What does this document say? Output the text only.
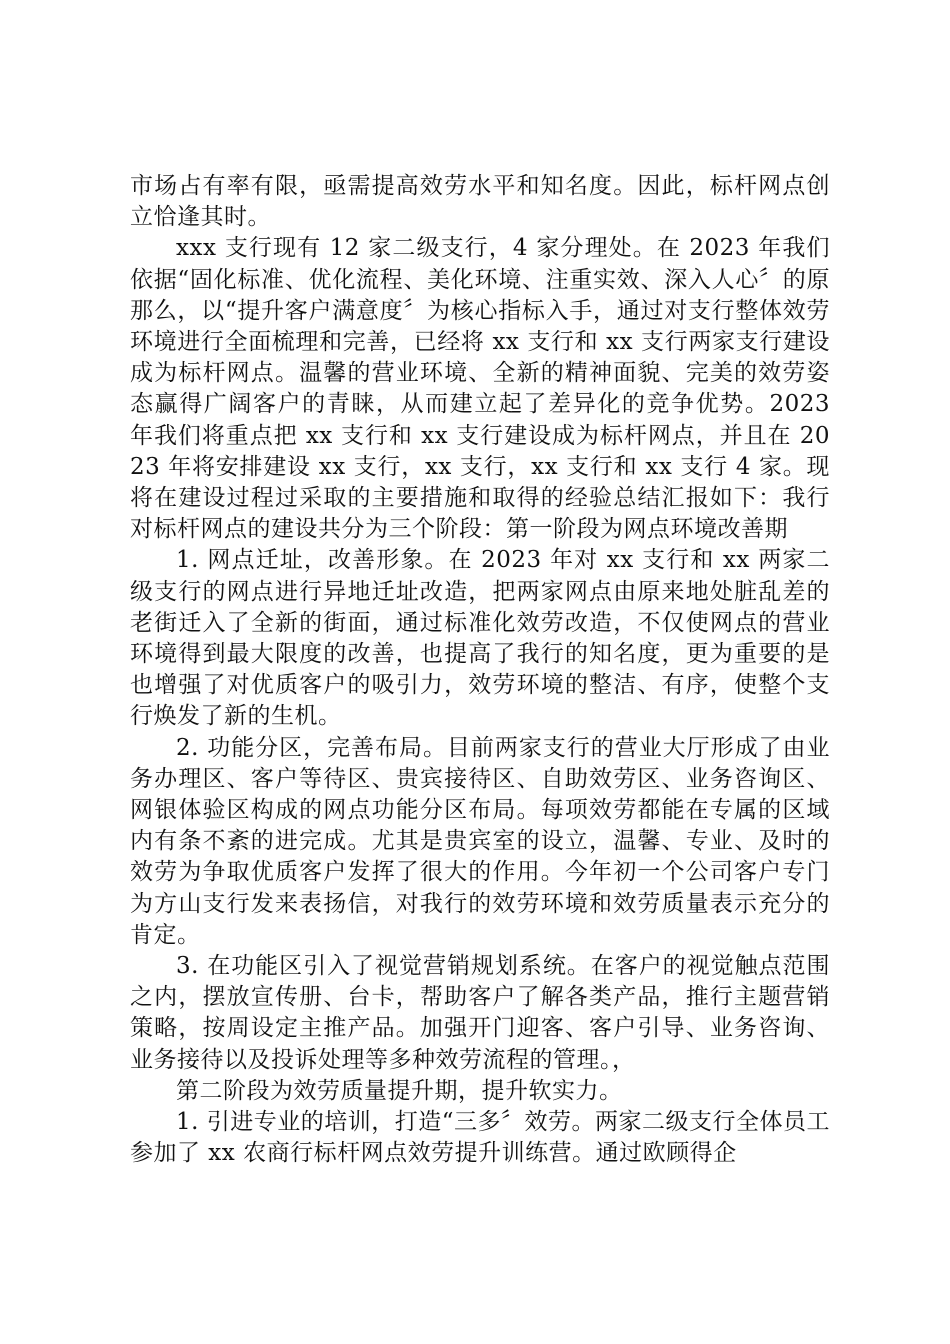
市场占有率有限，亟需提高效劳水平和知名度。因此，标杆网点创立恰逢其时。

xxx 支行现有 12 家二级支行，4 家分理处。在 2023 年我们依据“固化标准、优化流程、美化环境、注重实效、深入人心〞的原那么，以“提升客户满意度〞为核心指标入手，通过对支行整体效劳环境进行全面梳理和完善，已经将 xx 支行和 xx 支行两家支行建设成为标杆网点。温馨的营业环境、全新的精神面貌、完美的效劳姿态赢得广阔客户的青睐，从而建立起了差异化的竞争优势。2023 年我们将重点把 xx 支行和 xx 支行建设成为标杆网点，并且在 2023 年将安排建设 xx 支行，xx 支行，xx 支行和 xx 支行 4 家。现将在建设过程过采取的主要措施和取得的经验总结汇报如下：我行对标杆网点的建设共分为三个阶段：第一阶段为网点环境改善期

1. 网点迁址，改善形象。在 2023 年对 xx 支行和 xx 两家二级支行的网点进行异地迁址改造，把两家网点由原来地处脏乱差的老街迁入了全新的街面，通过标准化效劳改造，不仅使网点的营业环境得到最大限度的改善，也提高了我行的知名度，更为重要的是也增强了对优质客户的吸引力，效劳环境的整洁、有序，使整个支行焕发了新的生机。

2. 功能分区，完善布局。目前两家支行的营业大厅形成了由业务办理区、客户等待区、贵宾接待区、自助效劳区、业务咨询区、网银体验区构成的网点功能分区布局。每项效劳都能在专属的区域内有条不紊的进完成。尤其是贵宾室的设立，温馨、专业、及时的效劳为争取优质客户发挥了很大的作用。今年初一个公司客户专门为方山支行发来表扬信，对我行的效劳环境和效劳质量表示充分的肯定。

3. 在功能区引入了视觉营销规划系统。在客户的视觉触点范围之内，摆放宣传册、台卡，帮助客户了解各类产品，推行主题营销策略，按周设定主推产品。加强开门迎客、客户引导、业务咨询、业务接待以及投诉处理等多种效劳流程的管理。，

第二阶段为效劳质量提升期，提升软实力。

1. 引进专业的培训，打造“三多〞效劳。两家二级支行全体员工参加了 xx 农商行标杆网点效劳提升训练营。通过欧顾得企
